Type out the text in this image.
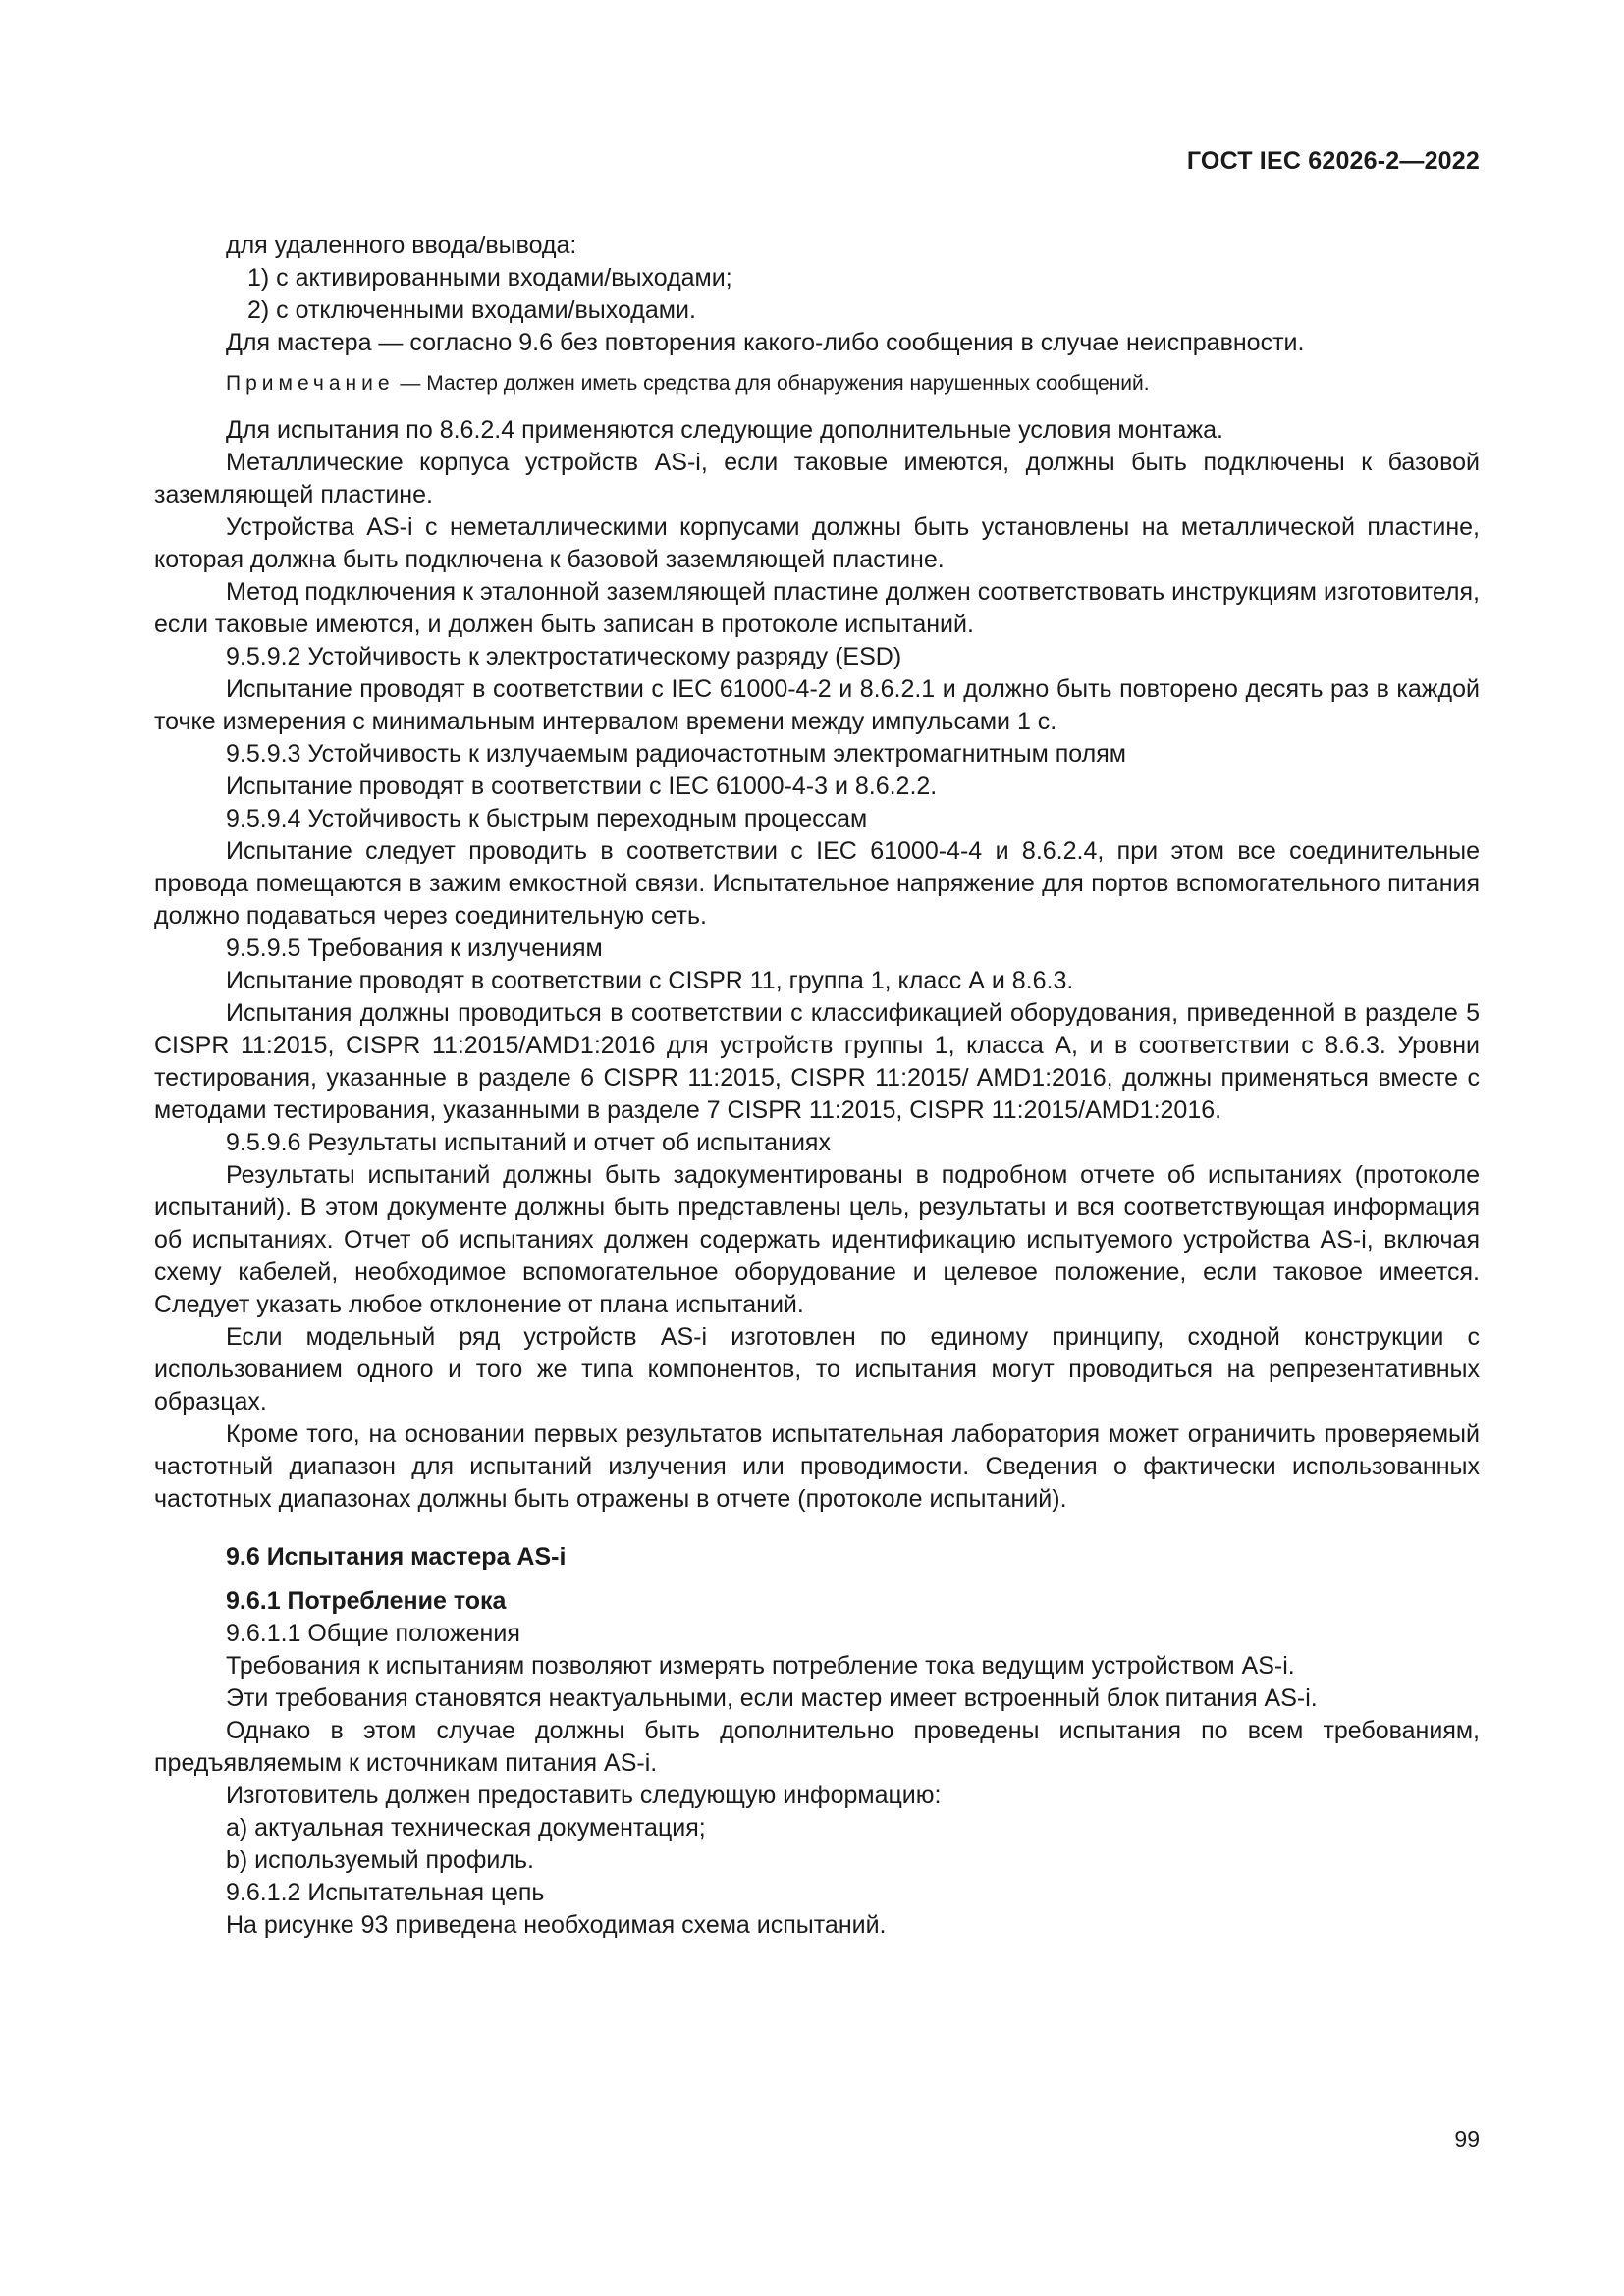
ГОСТ IEC 62026-2—2022

для удаленного ввода/вывода:

1) с активированными входами/выходами;

2) с отключенными входами/выходами.

Для мастера — согласно 9.6 без повторения какого-либо сообщения в случае неисправности.

Примечание — Мастер должен иметь средства для обнаружения нарушенных сообщений.

Для испытания по 8.6.2.4 применяются следующие дополнительные условия монтажа.

Металлические корпуса устройств AS-i, если таковые имеются, должны быть подключены к базовой заземляющей пластине.

Устройства AS-i с неметаллическими корпусами должны быть установлены на металлической пластине, которая должна быть подключена к базовой заземляющей пластине.

Метод подключения к эталонной заземляющей пластине должен соответствовать инструкциям изготовителя, если таковые имеются, и должен быть записан в протоколе испытаний.

9.5.9.2 Устойчивость к электростатическому разряду (ESD)

Испытание проводят в соответствии с IEC 61000-4-2 и 8.6.2.1 и должно быть повторено десять раз в каждой точке измерения с минимальным интервалом времени между импульсами 1 с.

9.5.9.3 Устойчивость к излучаемым радиочастотным электромагнитным полям

Испытание проводят в соответствии с IEC 61000-4-3 и 8.6.2.2.

9.5.9.4 Устойчивость к быстрым переходным процессам

Испытание следует проводить в соответствии с IEC 61000-4-4 и 8.6.2.4, при этом все соединительные провода помещаются в зажим емкостной связи. Испытательное напряжение для портов вспомогательного питания должно подаваться через соединительную сеть.

9.5.9.5 Требования к излучениям

Испытание проводят в соответствии с CISPR 11, группа 1, класс А и 8.6.3.

Испытания должны проводиться в соответствии с классификацией оборудования, приведенной в разделе 5 CISPR 11:2015, CISPR 11:2015/AMD1:2016 для устройств группы 1, класса А, и в соответствии с 8.6.3. Уровни тестирования, указанные в разделе 6 CISPR 11:2015, CISPR 11:2015/ AMD1:2016, должны применяться вместе с методами тестирования, указанными в разделе 7 CISPR 11:2015, CISPR 11:2015/AMD1:2016.

9.5.9.6 Результаты испытаний и отчет об испытаниях

Результаты испытаний должны быть задокументированы в подробном отчете об испытаниях (протоколе испытаний). В этом документе должны быть представлены цель, результаты и вся соответствующая информация об испытаниях. Отчет об испытаниях должен содержать идентификацию испытуемого устройства AS-i, включая схему кабелей, необходимое вспомогательное оборудование и целевое положение, если таковое имеется. Следует указать любое отклонение от плана испытаний.

Если модельный ряд устройств AS-i изготовлен по единому принципу, сходной конструкции с использованием одного и того же типа компонентов, то испытания могут проводиться на репрезентативных образцах.

Кроме того, на основании первых результатов испытательная лаборатория может ограничить проверяемый частотный диапазон для испытаний излучения или проводимости. Сведения о фактически использованных частотных диапазонах должны быть отражены в отчете (протоколе испытаний).

9.6 Испытания мастера AS-i

9.6.1 Потребление тока

9.6.1.1 Общие положения

Требования к испытаниям позволяют измерять потребление тока ведущим устройством AS-i.

Эти требования становятся неактуальными, если мастер имеет встроенный блок питания AS-i.

Однако в этом случае должны быть дополнительно проведены испытания по всем требованиям, предъявляемым к источникам питания AS-i.

Изготовитель должен предоставить следующую информацию:

a) актуальная техническая документация;

b) используемый профиль.

9.6.1.2 Испытательная цепь

На рисунке 93 приведена необходимая схема испытаний.

99
